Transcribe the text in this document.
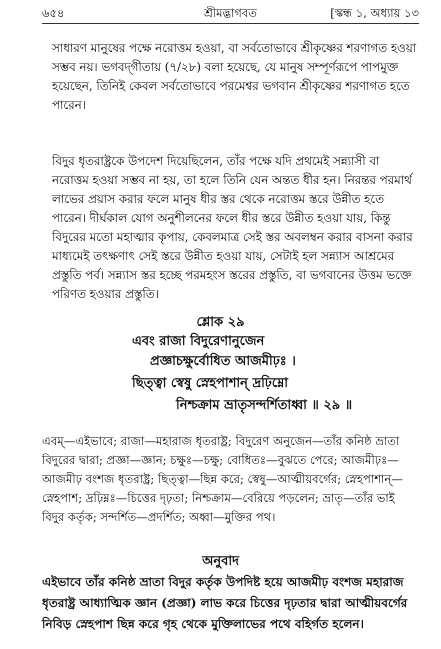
৬৫৪	শ্রীমদ্ভাগবত	[স্কন্ধ ১, অধ্যায় ১৩

সাধারণ মানুষের পক্ষে নরোত্তম হওয়া, বা সর্বতোভাবে শ্রীকৃষ্ণের শরণাগত হওয়া সম্ভব নয়। ভগবদ্‌গীতায় (৭/২৮) বলা হয়েছে, যে মানুষ সম্পূর্ণরূপে পাপমুক্ত হয়েছেন, তিনিই কেবল সর্বতোভাবে পরমেশ্বর ভগবান শ্রীকৃষ্ণের শরণাগত হতে পারেন।

বিদুর ধৃতরাষ্ট্রকে উপদেশ দিয়েছিলেন, তাঁর পক্ষে যদি প্রথমেই সন্ন্যাসী বা নরোত্তম হওয়া সম্ভব না হয়, তা হলে তিনি যেন অন্তত ধীর হন। নিরন্তর পরমার্থ লাভের প্রয়াস করার ফলে মানুষ ধীর স্তর থেকে নরোত্তম স্তরে উন্নীত হতে পারেন। দীর্ঘকাল যোগ অনুশীলনের ফলে ধীর স্তরে উন্নীত হওয়া যায়, কিন্তু বিদুরের মতো মহাত্মার কৃপায়, কেবলমাত্র সেই স্তর অবলম্বন করার বাসনা করার মাধ্যমেই তৎক্ষণাৎ সেই স্তরে উন্নীত হওয়া যায়, সেটাই হল সন্ন্যাস আশ্রমের প্রস্তুতি পর্ব। সন্ন্যাস স্তর হচ্ছে পরমহংস স্তরের প্রস্তুতি, বা ভগবানের উত্তম ভক্তে পরিণত হওয়ার প্রস্তুতি।

শ্লোক ২৯
এবং রাজা বিদুরেণানুজেন
প্রজ্ঞাচক্ষুর্বোধিত আজমীঢ়ঃ ।
ছিত্ত্বা স্বেষু স্নেহপাশান্ দ্রঢ়িম্নো
নিশ্চক্রাম ভ্রাতৃসন্দর্শিতাধ্বা ॥ ২৯ ॥
এবম্—এইভাবে; রাজা—মহারাজ ধৃতরাষ্ট্র; বিদুরেণ অনুজেন—তাঁর কনিষ্ঠ ভ্রাতা বিদুরের দ্বারা; প্রজ্ঞা—জ্ঞান; চক্ষুঃ—চক্ষু; বোধিতঃ—বুঝতে পেরে; আজমীঢ়ঃ—আজমীঢ় বংশজ ধৃতরাষ্ট্র; ছিত্ত্বা—ছিন্ন করে; স্বেষু—আত্মীয়বর্গের; স্নেহপাশান্—স্নেহপাশ; দ্রঢ়িম্নঃ—চিত্তের দৃঢ়তা; নিশ্চক্রাম—বেরিয়ে পড়লেন; ভ্রাতৃ—তাঁর ভাই বিদুর কর্তৃক; সন্দর্শিত—প্রদর্শিত; অধ্বা—মুক্তির পথ।
অনুবাদ
এইভাবে তাঁর কনিষ্ঠ ভ্রাতা বিদুর কর্তৃক উপদিষ্ট হয়ে আজমীঢ় বংশজ মহারাজ ধৃতরাষ্ট্র আধ্যাত্মিক জ্ঞান (প্রজ্ঞা) লাভ করে চিত্তের দৃঢ়তার দ্বারা আত্মীয়বর্গের নিবিড় স্নেহপাশ ছিন্ন করে গৃহ থেকে মুক্তিলাভের পথে বহির্গত হলেন।
